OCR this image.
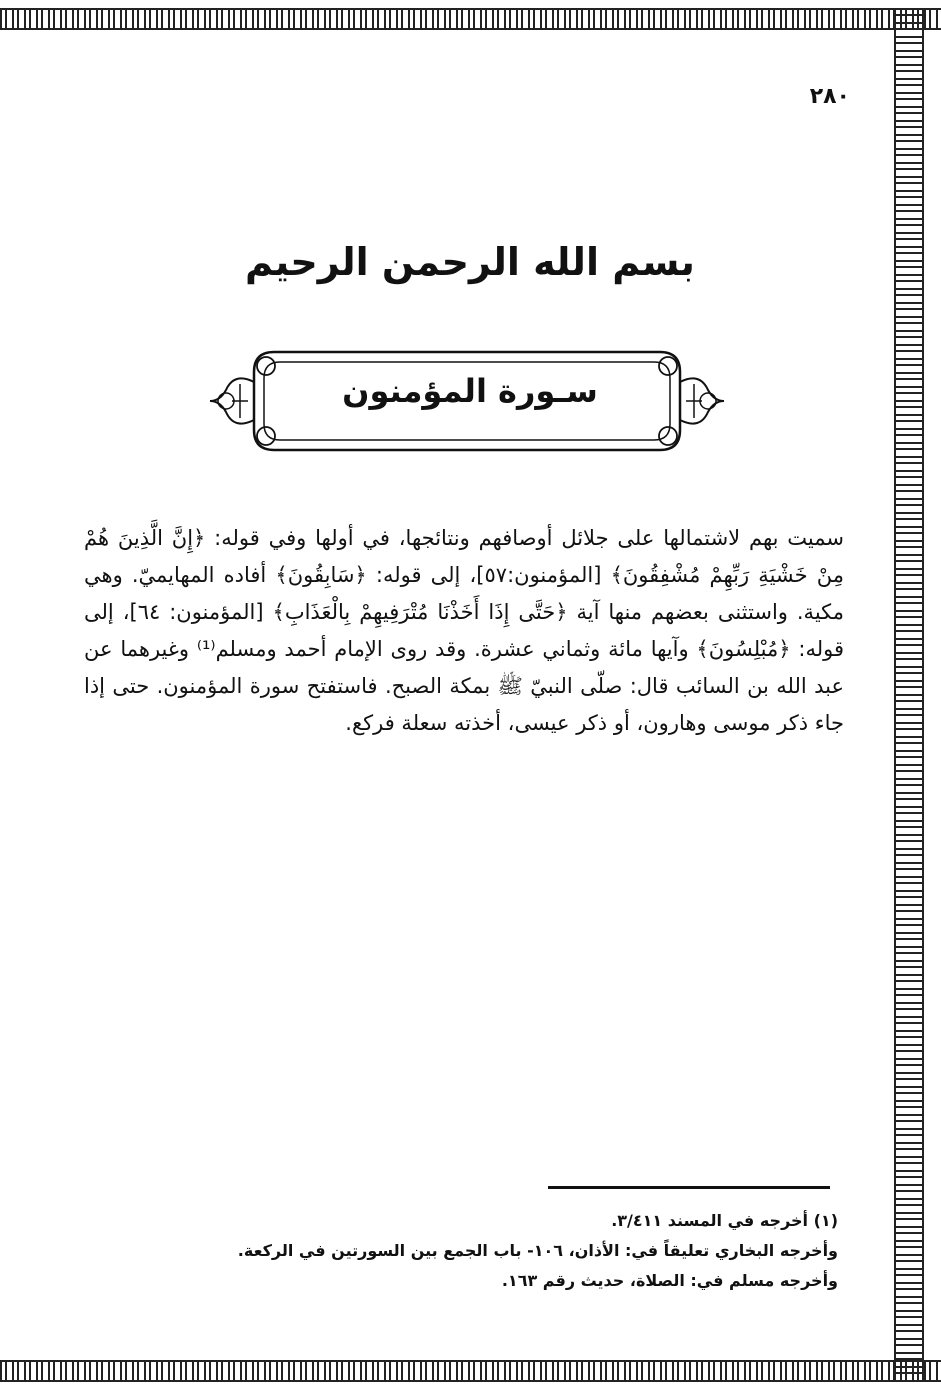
٢٨٠
بسم الله الرحمن الرحيم
سـورة المؤمنون
سميت بهم لاشتمالها على جلائل أوصافهم ونتائجها، في أولها وفي قوله: ﴿إِنَّ الَّذِينَ هُمْ مِنْ خَشْيَةِ رَبِّهِمْ مُشْفِقُونَ﴾ [المؤمنون:٥٧]، إلى قوله: ﴿سَابِقُونَ﴾ أفاده المهايميّ. وهي مكية. واستثنى بعضهم منها آية ﴿حَتَّى إِذَا أَخَذْنَا مُتْرَفِيهِمْ بِالْعَذَابِ﴾ [المؤمنون: ٦٤]، إلى قوله: ﴿مُبْلِسُونَ﴾ وآيها مائة وثماني عشرة. وقد روى الإمام أحمد ومسلم⁽¹⁾ وغيرهما عن عبد الله بن السائب قال: صلّى النبيّ ﷺ بمكة الصبح. فاستفتح سورة المؤمنون. حتى إذا جاء ذكر موسى وهارون، أو ذكر عيسى، أخذته سعلة فركع.
(١) أخرجه في المسند ٣/٤١١.
وأخرجه البخاري تعليقاً في: الأذان، ١٠٦- باب الجمع بين السورتين في الركعة.
وأخرجه مسلم في: الصلاة، حديث رقم ١٦٣.
